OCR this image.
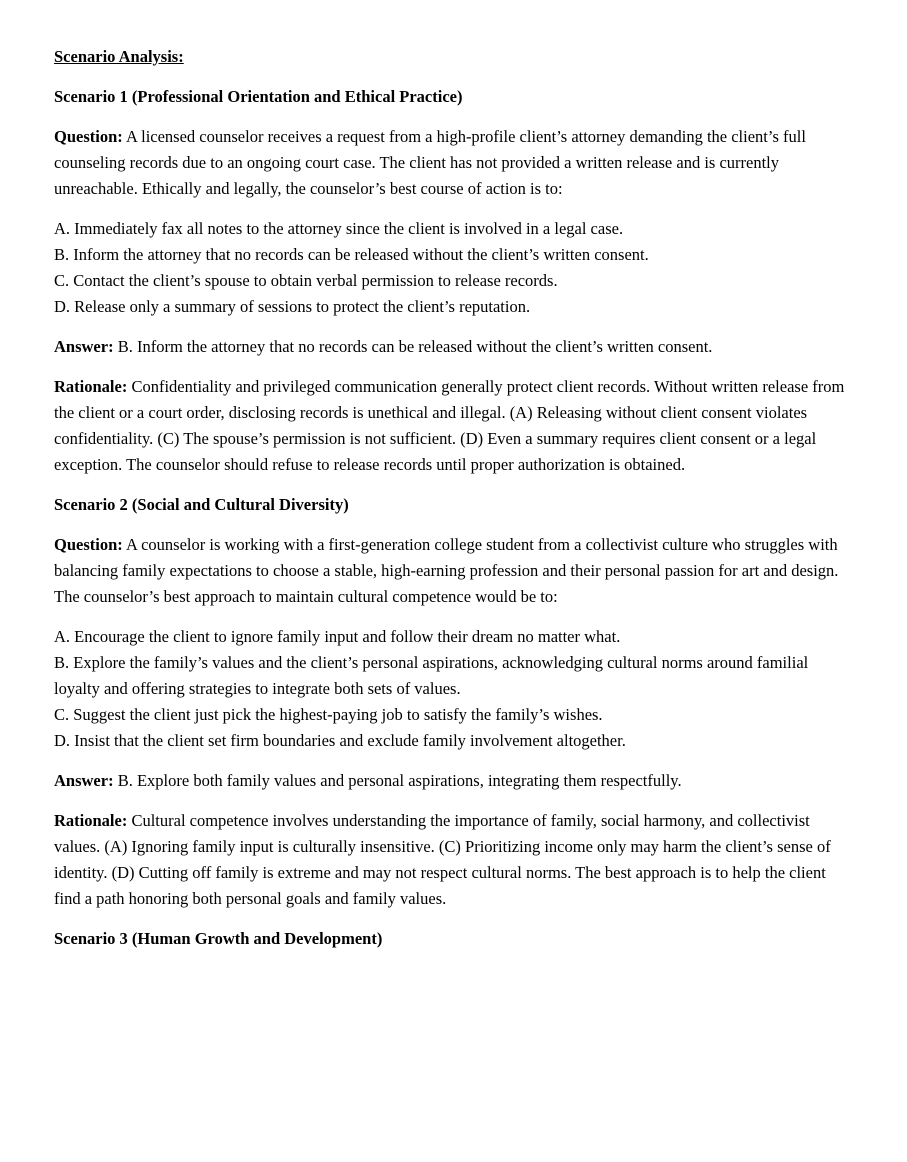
Scenario Analysis:

Scenario 1 (Professional Orientation and Ethical Practice)

Question: A licensed counselor receives a request from a high-profile client’s attorney demanding the client’s full counseling records due to an ongoing court case. The client has not provided a written release and is currently unreachable. Ethically and legally, the counselor’s best course of action is to:

A. Immediately fax all notes to the attorney since the client is involved in a legal case.
B. Inform the attorney that no records can be released without the client’s written consent.
C. Contact the client’s spouse to obtain verbal permission to release records.
D. Release only a summary of sessions to protect the client’s reputation.

Answer: B. Inform the attorney that no records can be released without the client’s written consent.

Rationale: Confidentiality and privileged communication generally protect client records. Without written release from the client or a court order, disclosing records is unethical and illegal. (A) Releasing without client consent violates confidentiality. (C) The spouse’s permission is not sufficient. (D) Even a summary requires client consent or a legal exception. The counselor should refuse to release records until proper authorization is obtained.

Scenario 2 (Social and Cultural Diversity)

Question: A counselor is working with a first-generation college student from a collectivist culture who struggles with balancing family expectations to choose a stable, high-earning profession and their personal passion for art and design. The counselor’s best approach to maintain cultural competence would be to:

A. Encourage the client to ignore family input and follow their dream no matter what.
B. Explore the family’s values and the client’s personal aspirations, acknowledging cultural norms around familial loyalty and offering strategies to integrate both sets of values.
C. Suggest the client just pick the highest-paying job to satisfy the family’s wishes.
D. Insist that the client set firm boundaries and exclude family involvement altogether.

Answer: B. Explore both family values and personal aspirations, integrating them respectfully.

Rationale: Cultural competence involves understanding the importance of family, social harmony, and collectivist values. (A) Ignoring family input is culturally insensitive. (C) Prioritizing income only may harm the client’s sense of identity. (D) Cutting off family is extreme and may not respect cultural norms. The best approach is to help the client find a path honoring both personal goals and family values.

Scenario 3 (Human Growth and Development)
